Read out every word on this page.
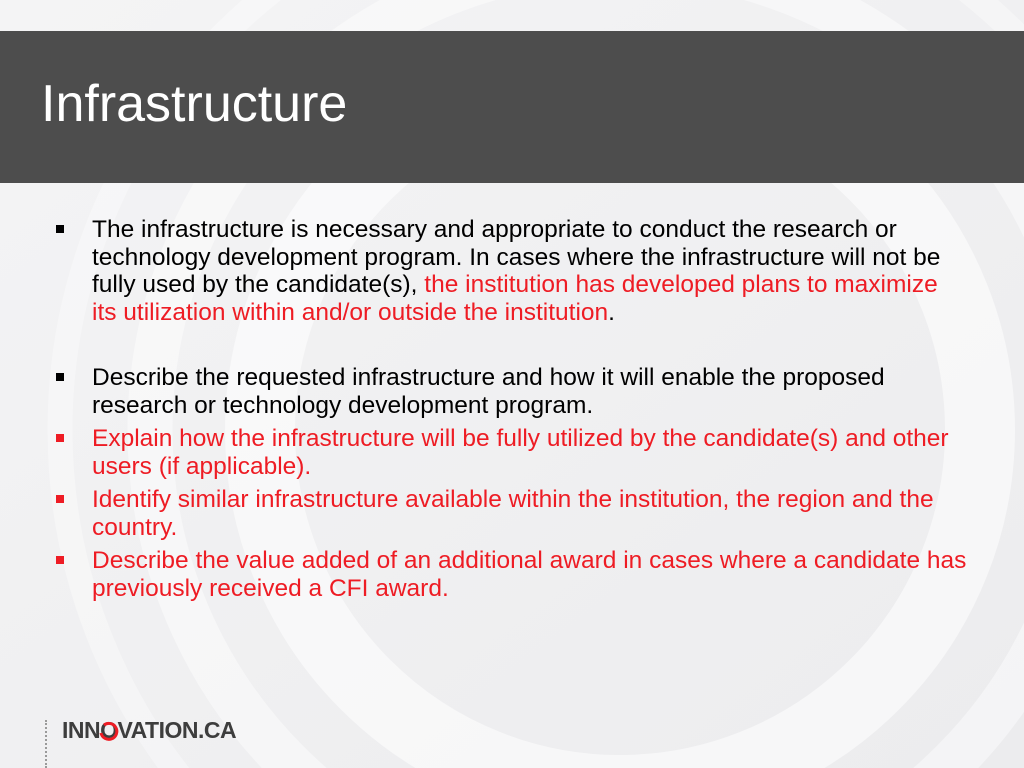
Infrastructure
The infrastructure is necessary and appropriate to conduct the research or technology development program. In cases where the infrastructure will not be fully used by the candidate(s), the institution has developed plans to maximize its utilization within and/or outside the institution.
Describe the requested infrastructure and how it will enable the proposed research or technology development program.
Explain how the infrastructure will be fully utilized by the candidate(s) and other users (if applicable).
Identify similar infrastructure available within the institution, the region and the country.
Describe the value added of an additional award in cases where a candidate has previously received a CFI award.
INNO
VATION.CA
